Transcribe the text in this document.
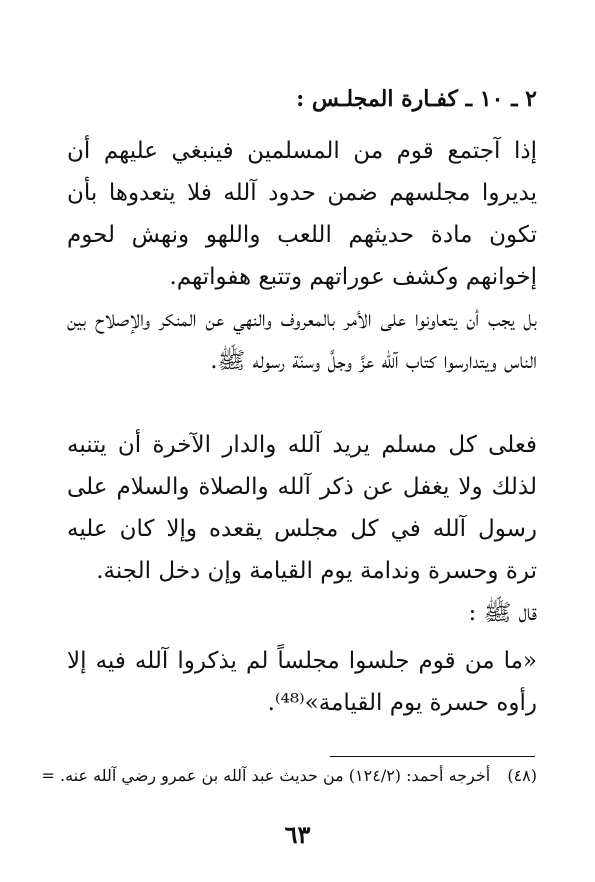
٢ ـ ١٠ ـ كفـارة المجلـس :

إذا آجتمع قوم من المسلمين فينبغي عليهم أن يديروا مجلسهم ضمن حدود آلله فلا يتعدوها بأن تكون مادة حديثهم اللعب واللهو ونهش لحوم إخوانهم وكشف عوراتهم وتتبع هفواتهم.

بل يجب أن يتعاونوا على الأمر بالمعروف والنهي عن المنكر والإصلاح بين الناس ويتدارسوا كتاب آلله عزَّ وجلَّ وسنّة رسوله ﷺ.

فعلى كل مسلم يريد آلله والدار الآخرة أن يتنبه لذلك ولا يغفل عن ذكر آلله والصلاة والسلام على رسول آلله في كل مجلس يقعده وإلا كان عليه ترة وحسرة وندامة يوم القيامة وإن دخل الجنة.

قال ﷺ :

«ما من قوم جلسوا مجلساً لم يذكروا آلله فيه إلا رأوه حسرة يوم القيامة»⁽⁴⁸⁾.

(٤٨) أخرجه أحمد: (١٢٤/٢) من حديث عبد آلله بن عمرو رضي آلله عنه. =
٦٣
